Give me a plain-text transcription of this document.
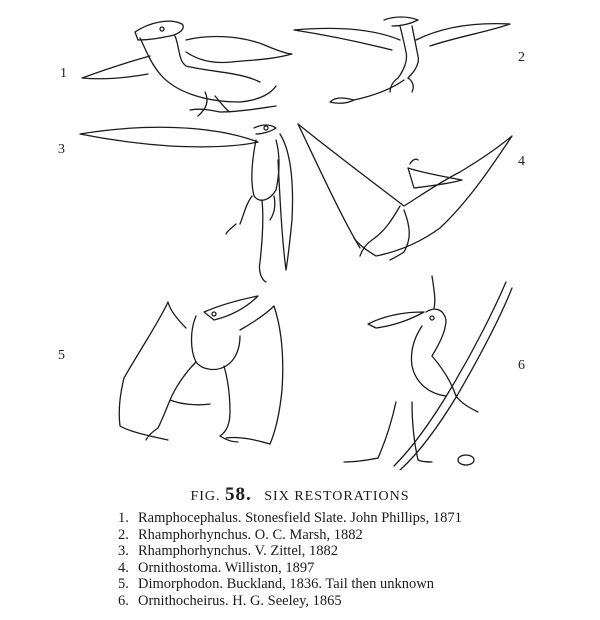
1
2
3
4
5
6
FIG. 58. SIX RESTORATIONS
1. Ramphocephalus. Stonesfield Slate. John Phillips, 1871
2. Rhamphorhynchus. O. C. Marsh, 1882
3. Rhamphorhynchus. V. Zittel, 1882
4. Ornithostoma. Williston, 1897
5. Dimorphodon. Buckland, 1836. Tail then unknown
6. Ornithocheirus. H. G. Seeley, 1865
